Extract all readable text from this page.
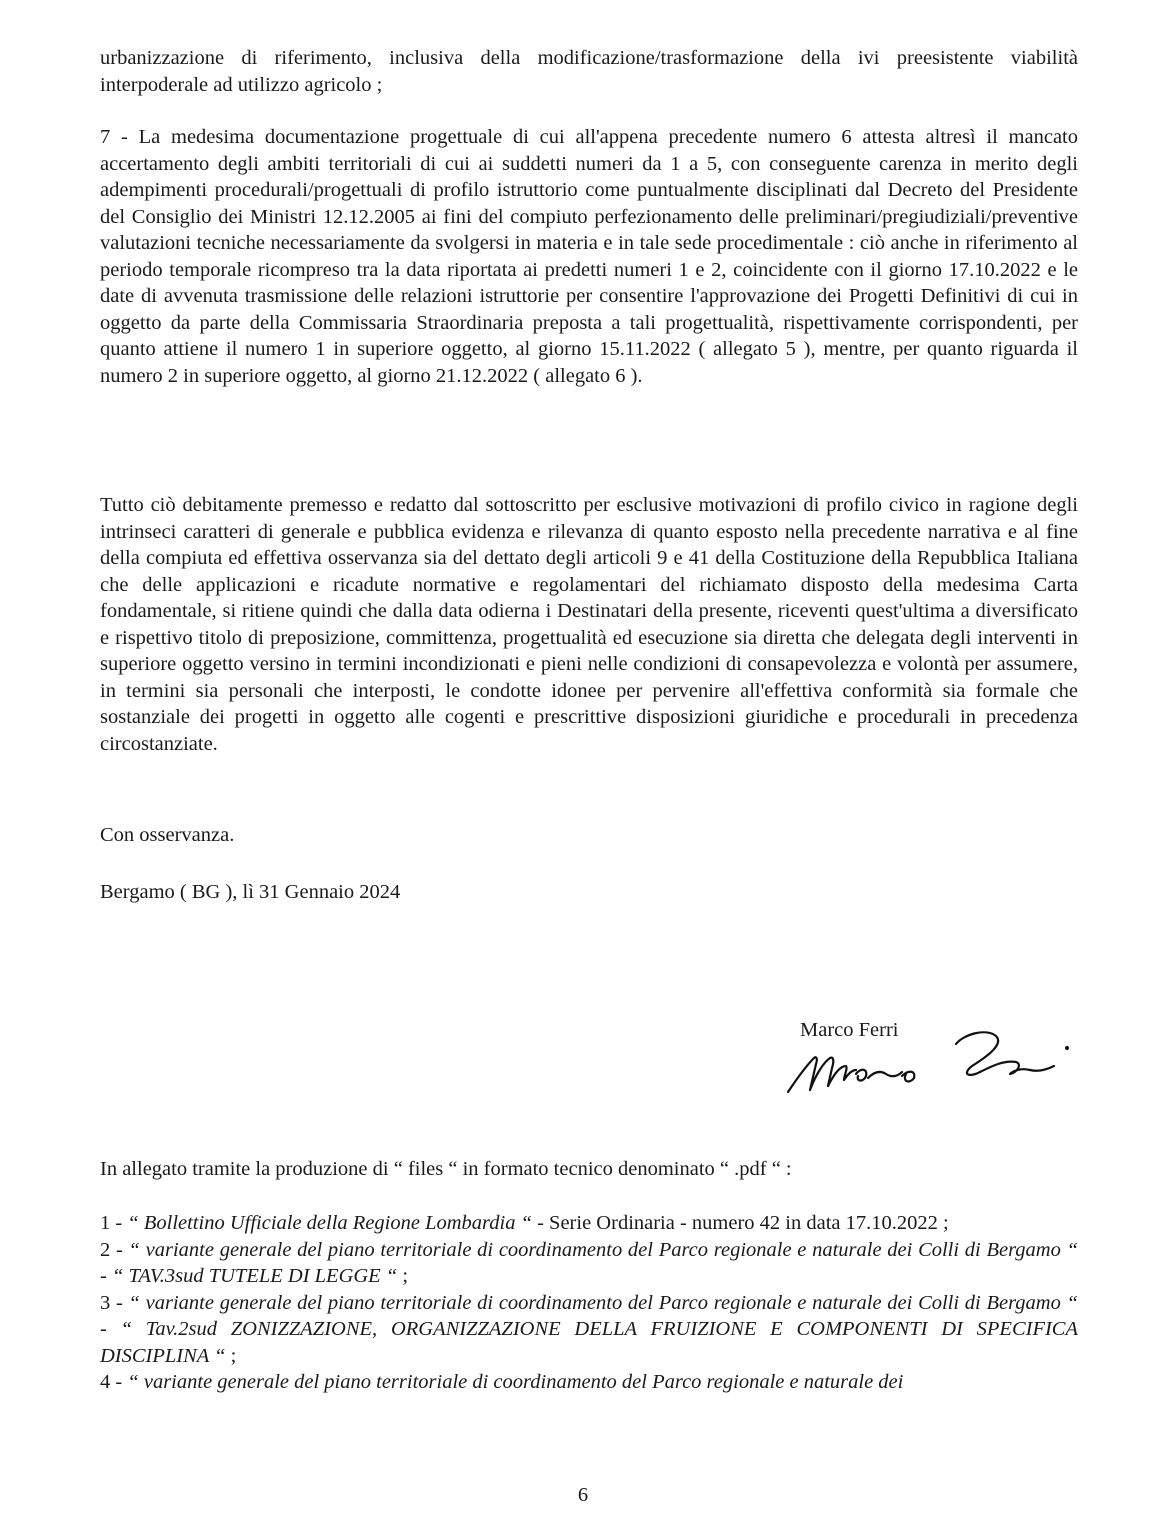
urbanizzazione di riferimento, inclusiva della modificazione/trasformazione della ivi preesistente viabilità interpoderale ad utilizzo agricolo ;

7 - La medesima documentazione progettuale di cui all'appena precedente numero 6 attesta altresì il mancato accertamento degli ambiti territoriali di cui ai suddetti numeri da 1 a 5, con conseguente carenza in merito degli adempimenti procedurali/progettuali di profilo istruttorio come puntualmente disciplinati dal Decreto del Presidente del Consiglio dei Ministri 12.12.2005 ai fini del compiuto perfezionamento delle preliminari/pregiudiziali/preventive valutazioni tecniche necessariamente da svolgersi in materia e in tale sede procedimentale : ciò anche in riferimento al periodo temporale ricompreso tra la data riportata ai predetti numeri 1 e 2, coincidente con il giorno 17.10.2022 e le date di avvenuta trasmissione delle relazioni istruttorie per consentire l'approvazione dei Progetti Definitivi di cui in oggetto da parte della Commissaria Straordinaria preposta a tali progettualità, rispettivamente corrispondenti, per quanto attiene il numero 1 in superiore oggetto, al giorno 15.11.2022 ( allegato 5 ), mentre, per quanto riguarda il numero 2 in superiore oggetto, al giorno 21.12.2022 ( allegato 6 ).

Tutto ciò debitamente premesso e redatto dal sottoscritto per esclusive motivazioni di profilo civico in ragione degli intrinseci caratteri di generale e pubblica evidenza e rilevanza di quanto esposto nella precedente narrativa e al fine della compiuta ed effettiva osservanza sia del dettato degli articoli 9 e 41 della Costituzione della Repubblica Italiana che delle applicazioni e ricadute normative e regolamentari del richiamato disposto della medesima Carta fondamentale, si ritiene quindi che dalla data odierna i Destinatari della presente, riceventi quest'ultima a diversificato e rispettivo titolo di preposizione, committenza, progettualità ed esecuzione sia diretta che delegata degli interventi in superiore oggetto versino in termini incondizionati e pieni nelle condizioni di consapevolezza e volontà per assumere, in termini sia personali che interposti, le condotte idonee per pervenire all'effettiva conformità sia formale che sostanziale dei progetti in oggetto alle cogenti e prescrittive disposizioni giuridiche e procedurali in precedenza circostanziate.

Con osservanza.

Bergamo ( BG ), lì 31 Gennaio 2024

Marco Ferri

In allegato tramite la produzione di “ files “ in formato tecnico denominato “ .pdf “ :

1 - “ Bollettino Ufficiale della Regione Lombardia “ - Serie Ordinaria - numero 42 in data 17.10.2022 ;
2 - “ variante generale del piano territoriale di coordinamento del Parco regionale e naturale dei Colli di Bergamo “ - “ TAV.3sud TUTELE DI LEGGE “ ;
3 - “ variante generale del piano territoriale di coordinamento del Parco regionale e naturale dei Colli di Bergamo “ - “ Tav.2sud ZONIZZAZIONE, ORGANIZZAZIONE DELLA FRUIZIONE E COMPONENTI DI SPECIFICA DISCIPLINA “ ;
4 - “ variante generale del piano territoriale di coordinamento del Parco regionale e naturale dei

6
